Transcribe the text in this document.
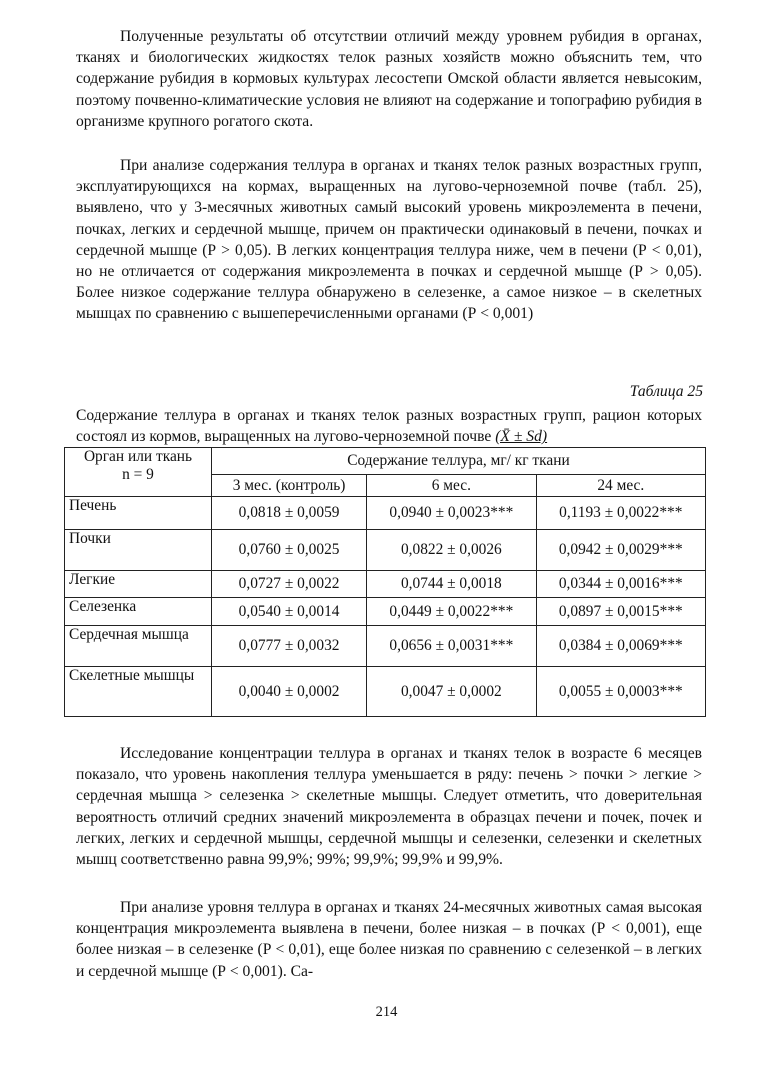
Полученные результаты об отсутствии отличий между уровнем рубидия в органах, тканях и биологических жидкостях телок разных хозяйств можно объяснить тем, что содержание рубидия в кормовых культурах лесостепи Омской области является невысоким, поэтому почвенно-климатические условия не влияют на содержание и топографию рубидия в организме крупного рогатого скота.

При анализе содержания теллура в органах и тканях телок разных возрастных групп, эксплуатирующихся на кормах, выращенных на лугово-черноземной почве (табл. 25), выявлено, что у 3-месячных животных самый высокий уровень микроэлемента в печени, почках, легких и сердечной мышце, причем он практически одинаковый в печени, почках и сердечной мышце (Р > 0,05). В легких концентрация теллура ниже, чем в печени (Р < 0,01), но не отличается от содержания микроэлемента в почках и сердечной мышце (Р > 0,05). Более низкое содержание теллура обнаружено в селезенке, а самое низкое – в скелетных мышцах по сравнению с вышеперечисленными органами (Р < 0,001)

Таблица 25

Содержание теллура в органах и тканях телок разных возрастных групп, рацион которых состоял из кормов, выращенных на лугово-черноземной почве (X̄ ± Sd)

Орган или ткань
n = 9	Содержание теллура, мг/ кг ткани		
	3 мес. (контроль)	6 мес.	24 мес.
Печень	0,0818 ± 0,0059	0,0940 ± 0,0023***	0,1193 ± 0,0022***
Почки	0,0760 ± 0,0025	0,0822 ± 0,0026	0,0942 ± 0,0029***
Легкие	0,0727 ± 0,0022	0,0744 ± 0,0018	0,0344 ± 0,0016***
Селезенка	0,0540 ± 0,0014	0,0449 ± 0,0022***	0,0897 ± 0,0015***
Сердечная мышца	0,0777 ± 0,0032	0,0656 ± 0,0031***	0,0384 ± 0,0069***
Скелетные мышцы	0,0040 ± 0,0002	0,0047 ± 0,0002	0,0055 ± 0,0003***

Исследование концентрации теллура в органах и тканях телок в возрасте 6 месяцев показало, что уровень накопления теллура уменьшается в ряду: печень > почки > легкие > сердечная мышца > селезенка > скелетные мышцы. Следует отметить, что доверительная вероятность отличий средних значений микроэлемента в образцах печени и почек, почек и легких, легких и сердечной мышцы, сердечной мышцы и селезенки, селезенки и скелетных мышц соответственно равна 99,9%; 99%; 99,9%; 99,9% и 99,9%.

При анализе уровня теллура в органах и тканях 24-месячных животных самая высокая концентрация микроэлемента выявлена в печени, более низкая – в почках (Р < 0,001), еще более низкая – в селезенке (Р < 0,01), еще более низкая по сравнению с селезенкой – в легких и сердечной мышце (Р < 0,001). Са-

214
